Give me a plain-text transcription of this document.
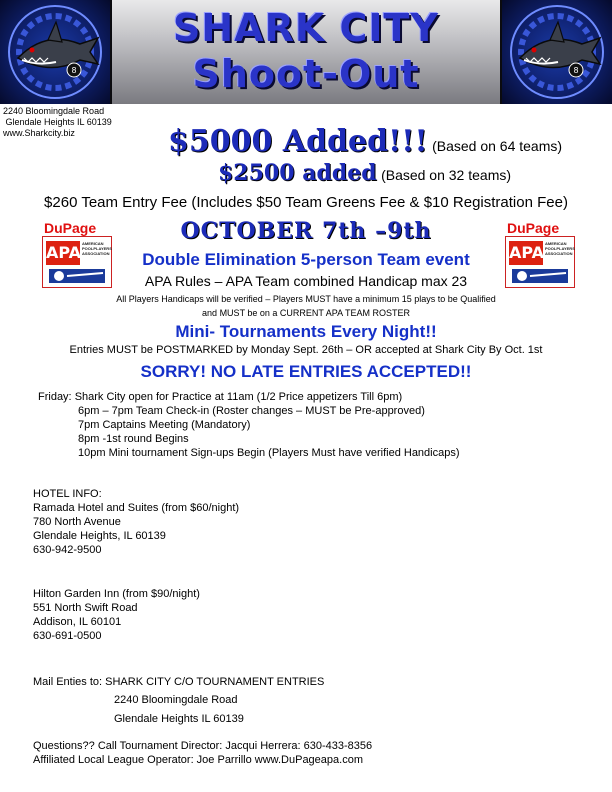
8	8
SHARK CITY
Shoot-Out
2240 Bloomingdale Road
Glendale Heights IL 60139
www.Sharkcity.biz	$5000 Added!!! (Based on 64 teams)
$2500 added (Based on 32 teams)
$260 Team Entry Fee (Includes $50 Team Greens Fee & $10 Registration Fee)
OCTOBER 7th –9th
DuPage	DuPage
APA AMERICAN POOLPLAYERS ASSOCIATION	APA AMERICAN POOLPLAYERS ASSOCIATION
Double Elimination 5-person Team event
APA Rules – APA Team combined Handicap max 23
All Players Handicaps will be verified – Players MUST have a minimum 15 plays to be Qualified
and MUST be on a CURRENT APA TEAM ROSTER
Mini- Tournaments Every Night!!
Entries MUST be POSTMARKED by Monday Sept. 26th – OR accepted at Shark City By Oct. 1st
SORRY! NO LATE ENTRIES ACCEPTED!!
Friday: Shark City open for Practice at 11am (1/2 Price appetizers Till 6pm)
6pm – 7pm Team Check-in (Roster changes – MUST be Pre-approved)
7pm Captains Meeting (Mandatory)
8pm -1st round Begins
10pm Mini tournament Sign-ups Begin (Players Must have verified Handicaps)
HOTEL INFO:
Ramada Hotel and Suites (from $60/night)
780 North Avenue
Glendale Heights, IL 60139
630-942-9500
Hilton Garden Inn (from $90/night)
551 North Swift Road
Addison, IL 60101
630-691-0500
Mail Enties to: SHARK CITY C/O TOURNAMENT ENTRIES
2240 Bloomingdale Road
Glendale Heights IL 60139
Questions?? Call Tournament Director: Jacqui Herrera: 630-433-8356
Affiliated Local League Operator: Joe Parrillo www.DuPageapa.com
